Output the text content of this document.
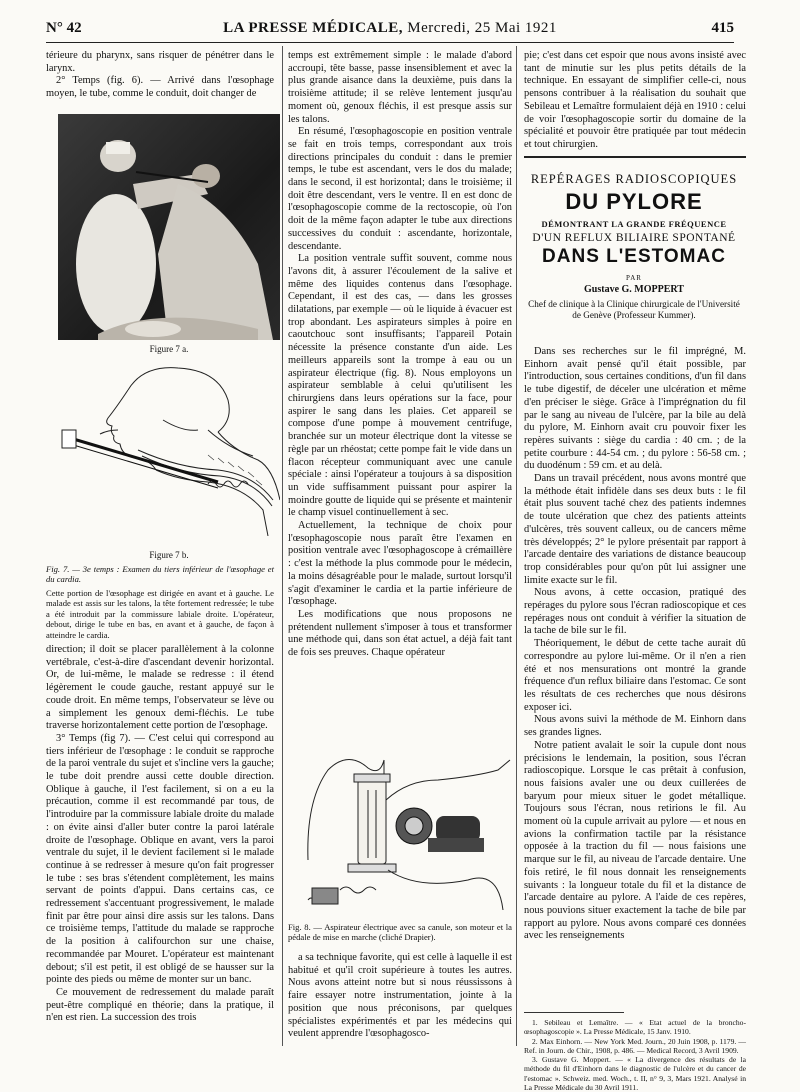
N° 42	LA PRESSE MÉDICALE, Mercredi, 25 Mai 1921	415

térieure du pharynx, sans risquer de pénétrer dans le larynx.

2° Temps (fig. 6). — Arrivé dans l'œsophage moyen, le tube, comme le conduit, doit changer de

Figure 7 a.
Figure 7 b.
Fig. 7. — 3e temps : Examen du tiers inférieur de l'œsophage et du cardia.
Cette portion de l'œsophage est dirigée en avant et à gauche. Le malade est assis sur les talons, la tête fortement redressée; le tube a été introduit par la commissure labiale droite. L'opérateur, debout, dirige le tube en bas, en avant et à gauche, de façon à atteindre le cardia.

direction; il doit se placer parallèlement à la colonne vertébrale, c'est-à-dire d'ascendant devenir horizontal. Or, de lui-même, le malade se redresse : il étend légèrement le coude gauche, restant appuyé sur le coude droit. En même temps, l'observateur se lève ou a simplement les genoux demi-fléchis. Le tube traverse horizontalement cette portion de l'œsophage.

3° Temps (fig 7). — C'est celui qui correspond au tiers inférieur de l'œsophage : le conduit se rapproche de la paroi ventrale du sujet et s'incline vers la gauche; le tube doit prendre aussi cette double direction. Oblique à gauche, il l'est facilement, si on a eu la précaution, comme il est recommandé par tous, de l'introduire par la commissure labiale droite du malade : on évite ainsi d'aller buter contre la paroi latérale droite de l'œsophage. Oblique en avant, vers la paroi ventrale du sujet, il le devient facilement si le malade continue à se redresser à mesure qu'on fait progresser le tube : ses bras s'étendent complètement, les mains servant de points d'appui. Dans certains cas, ce redressement s'accentuant progressivement, le malade finit par être pour ainsi dire assis sur les talons. Dans ce troisième temps, l'attitude du malade se rapproche de la position à califourchon sur une chaise, recommandée par Mouret. L'opérateur est maintenant debout; s'il est petit, il est obligé de se hausser sur la pointe des pieds ou même de monter sur un banc.

Ce mouvement de redressement du malade paraît peut-être compliqué en théorie; dans la pratique, il n'en est rien. La succession des trois

temps est extrêmement simple : le malade d'abord accroupi, tête basse, passe insensiblement et avec la plus grande aisance dans la deuxième, puis dans la troisième attitude; il se relève lentement jusqu'au moment où, genoux fléchis, il est presque assis sur les talons.

En résumé, l'œsophagoscopie en position ventrale se fait en trois temps, correspondant aux trois directions principales du conduit : dans le premier temps, le tube est ascendant, vers le dos du malade; dans le second, il est horizontal; dans le troisième; il doit être descendant, vers le ventre. Il en est donc de l'œsophagoscopie comme de la rectoscopie, où l'on doit de la même façon adapter le tube aux directions successives du conduit : ascendante, horizontale, descendante.

La position ventrale suffit souvent, comme nous l'avons dit, à assurer l'écoulement de la salive et même des liquides contenus dans l'œsophage. Cependant, il est des cas, — dans les grosses dilatations, par exemple — où le liquide à évacuer est trop abondant. Les aspirateurs simples à poire en caoutchouc sont insuffisants; l'appareil Potain nécessite la présence constante d'un aide. Les meilleurs appareils sont la trompe à eau ou un aspirateur électrique (fig. 8). Nous employons un aspirateur semblable à celui qu'utilisent les chirurgiens dans leurs opérations sur la face, pour aspirer le sang dans les plaies. Cet appareil se compose d'une pompe à mouvement centrifuge, branchée sur un moteur électrique dont la vitesse se règle par un rhéostat; cette pompe fait le vide dans un flacon récepteur communiquant avec une canule spéciale : ainsi l'opérateur a toujours à sa disposition un vide suffisamment puissant pour aspirer la moindre goutte de liquide qui se présente et maintenir le champ visuel continuellement à sec.

Actuellement, la technique de choix pour l'œsophagoscopie nous paraît être l'examen en position ventrale avec l'œsophagoscope à crémaillère : c'est la méthode la plus commode pour le médecin, la moins désagréable pour le malade, surtout lorsqu'il s'agit d'examiner le cardia et la partie inférieure de l'œsophage.

Les modifications que nous proposons ne prétendent nullement s'imposer à tous et transformer une méthode qui, dans son état actuel, a déjà fait tant de fois ses preuves. Chaque opérateur

Fig. 8. — Aspirateur électrique avec sa canule, son moteur et la pédale de mise en marche (cliché Drapier).

a sa technique favorite, qui est celle à laquelle il est habitué et qu'il croit supérieure à toutes les autres. Nous avons atteint notre but si nous réussissons à faire essayer notre instrumentation, jointe à la position que nous préconisons, par quelques spécialistes expérimentés et par les médecins qui veulent apprendre l'œsophagosco-

pie; c'est dans cet espoir que nous avons insisté avec tant de minutie sur les plus petits détails de la technique. En essayant de simplifier celle-ci, nous pensons contribuer à la réalisation du souhait que Sebileau et Lemaître formulaient déjà en 1910 : celui de voir l'œsophagoscopie sortir du domaine de la spécialité et pouvoir être pratiquée par tout médecin et tout chirurgien.

REPÉRAGES RADIOSCOPIQUES
DU PYLORE
DÉMONTRANT LA GRANDE FRÉQUENCE
D'UN REFLUX BILIAIRE SPONTANÉ
DANS L'ESTOMAC
PAR
Gustave G. MOPPERT
Chef de clinique à la Clinique chirurgicale de l'Université de Genève (Professeur Kummer).

Dans ses recherches sur le fil imprégné, M. Einhorn avait pensé qu'il était possible, par l'introduction, sous certaines conditions, d'un fil dans le tube digestif, de déceler une ulcération et même d'en préciser le siège. Grâce à l'imprégnation du fil par le sang au niveau de l'ulcère, par la bile au delà du pylore, M. Einhorn avait cru pouvoir fixer les repères suivants : siège du cardia : 40 cm. ; de la petite courbure : 44-54 cm. ; du pylore : 56-58 cm. ; du duodénum : 59 cm. et au delà.

Dans un travail précédent, nous avons montré que la méthode était infidèle dans ses deux buts : le fil était plus souvent taché chez des patients indemnes de toute ulcération que chez des patients atteints d'ulcères, très souvent calleux, ou de cancers même très développés; 2° le pylore présentait par rapport à l'arcade dentaire des variations de distance beaucoup trop considérables pour qu'on pût lui assigner une limite exacte sur le fil.

Nous avons, à cette occasion, pratiqué des repérages du pylore sous l'écran radioscopique et ces repérages nous ont conduit à vérifier la situation de la tache de bile sur le fil.

Théoriquement, le début de cette tache aurait dû correspondre au pylore lui-même. Or il n'en a rien été et nos mensurations ont montré la grande fréquence d'un reflux biliaire dans l'estomac. Ce sont les résultats de ces recherches que nous désirons exposer ici.

Nous avons suivi la méthode de M. Einhorn dans ses grandes lignes.

Notre patient avalait le soir la cupule dont nous précisions le lendemain, la position, sous l'écran radioscopique. Lorsque le cas prêtait à confusion, nous faisions avaler une ou deux cuillerées de baryum pour mieux situer le godet métallique. Toujours sous l'écran, nous retirions le fil. Au moment où la cupule arrivait au pylore — et nous en avions la confirmation tactile par la résistance opposée à la traction du fil — nous faisions une marque sur le fil, au niveau de l'arcade dentaire. Une fois retiré, le fil nous donnait les renseignements suivants : la longueur totale du fil et la distance de l'arcade dentaire au pylore. A l'aide de ces repères, nous pouvions situer exactement la tache de bile par rapport au pylore. Nous avons comparé ces données avec les renseignements

1. Sebileau et Lemaître. — « Etat actuel de la broncho-œsophagoscopie ». La Presse Médicale, 15 Janv. 1910.

2. Max Einhorn. — New York Med. Journ., 20 Juin 1908, p. 1179. — Ref. in Journ. de Chir., 1908, p. 486. — Medical Record, 3 Avril 1909.

3. Gustave G. Moppert. — « La divergence des résultats de la méthode du fil d'Einhorn dans le diagnostic de l'ulcère et du cancer de l'estomac ». Schweiz. med. Woch., t. II, n° 9, 3, Mars 1921. Analysé in La Presse Médicale du 30 Avril 1911.
